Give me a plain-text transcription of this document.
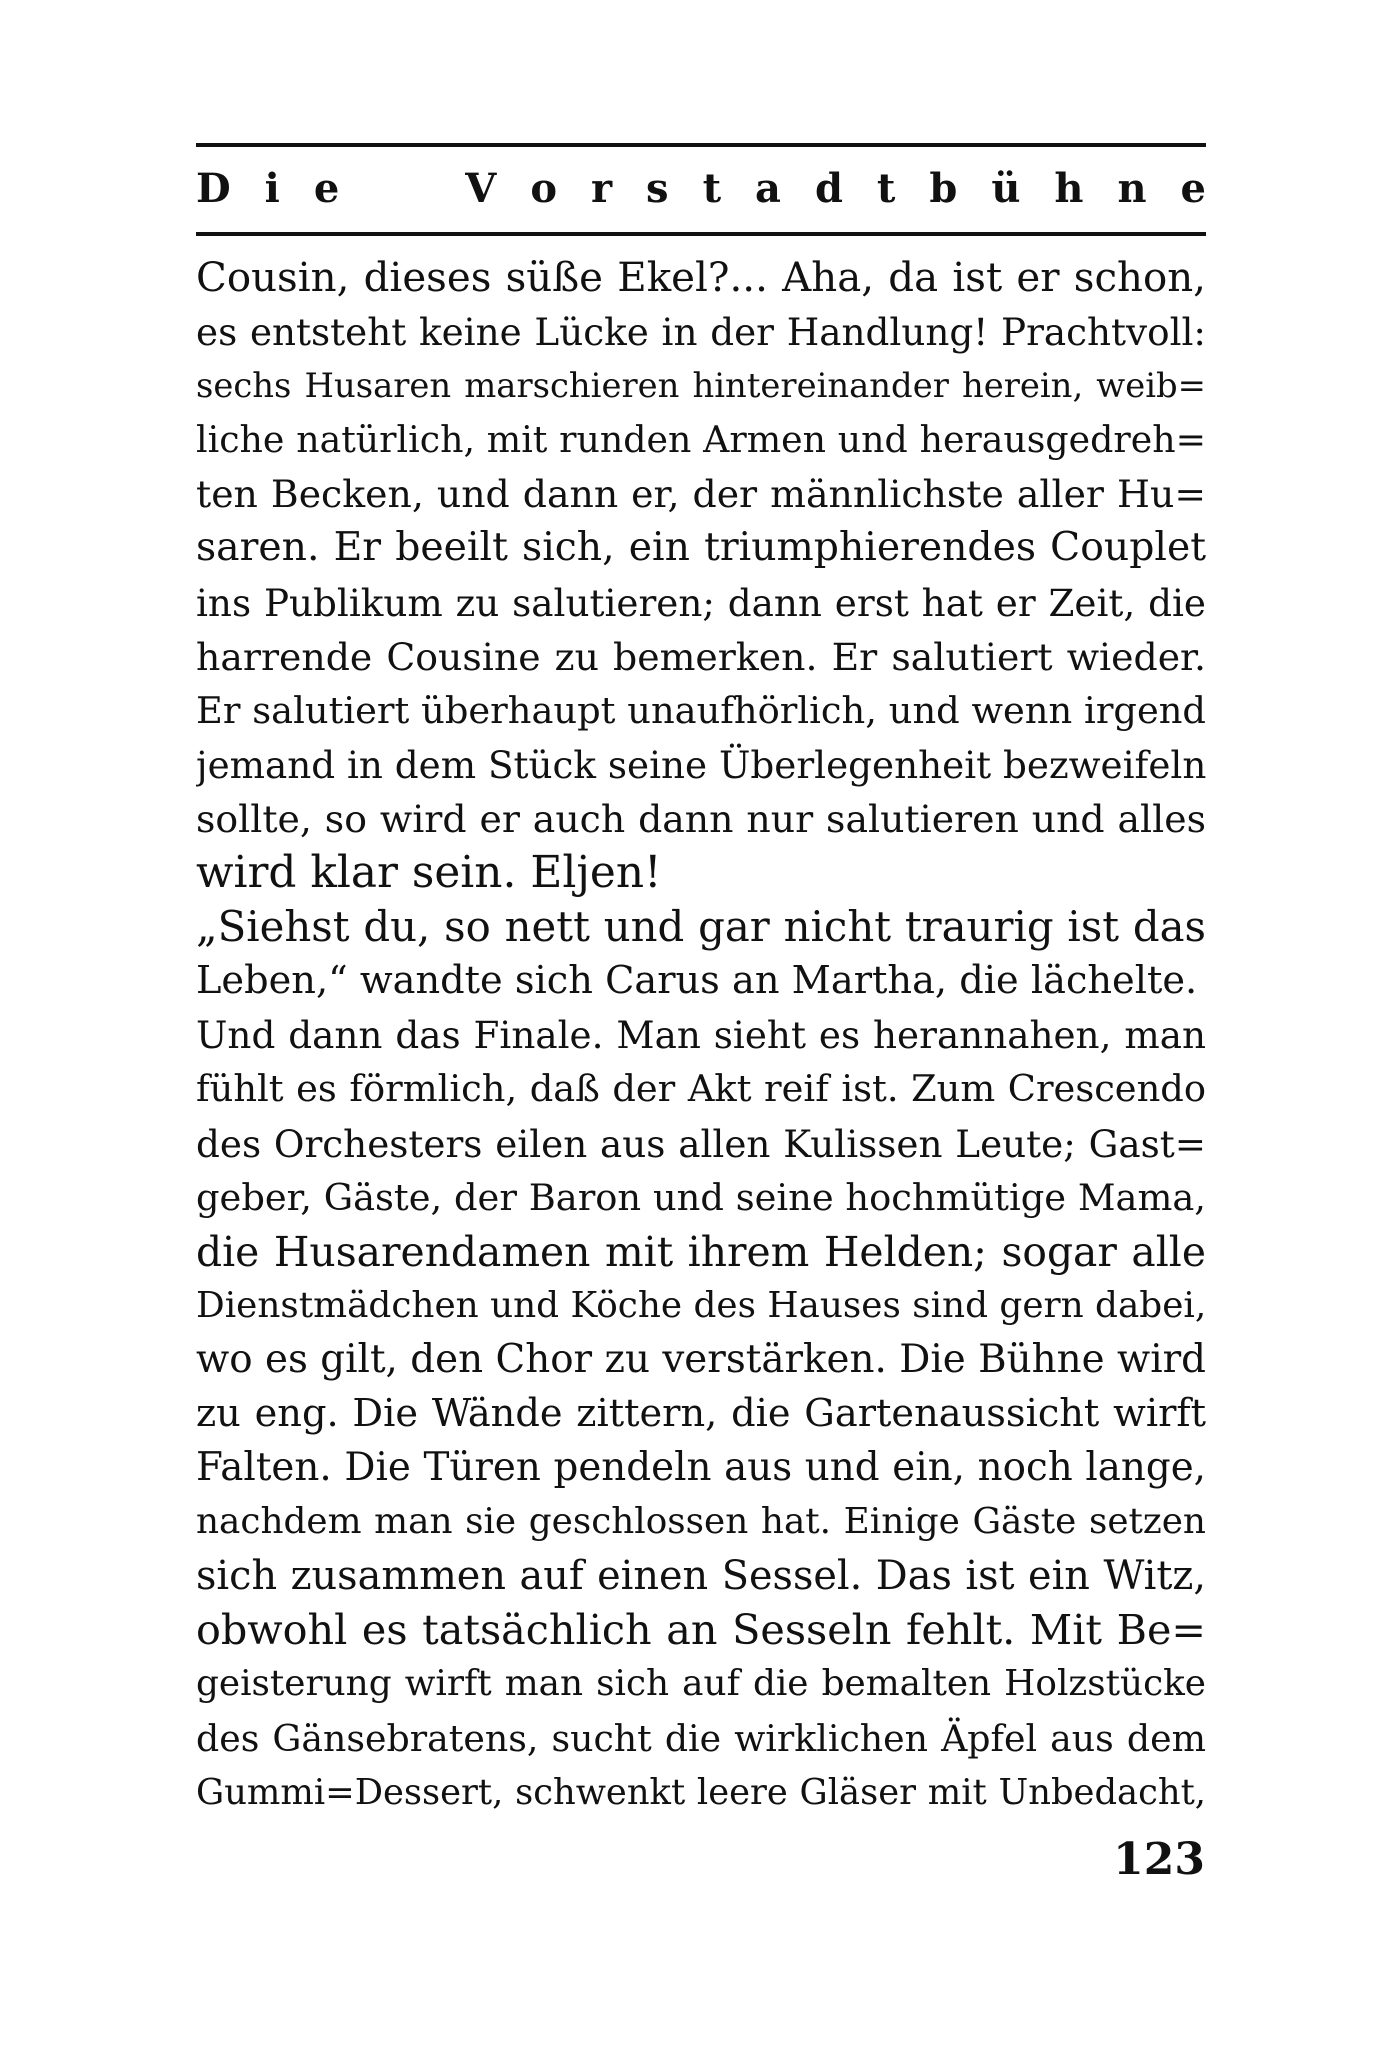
D i e	V o r s t a d t b ü h n e
Cousin, dieses süße Ekel?... Aha, da ist er schon,
es entsteht keine Lücke in der Handlung! Prachtvoll:
sechs Husaren marschieren hintereinander herein, weib=
liche natürlich, mit runden Armen und herausgedreh=
ten Becken, und dann er, der männlichste aller Hu=
saren. Er beeilt sich, ein triumphierendes Couplet
ins Publikum zu salutieren; dann erst hat er Zeit, die
harrende Cousine zu bemerken. Er salutiert wieder.
Er salutiert überhaupt unaufhörlich, und wenn irgend
jemand in dem Stück seine Überlegenheit bezweifeln
sollte, so wird er auch dann nur salutieren und alles
wird klar sein. Eljen!
„Siehst du, so nett und gar nicht traurig ist das
Leben,“ wandte sich Carus an Martha, die lächelte.
Und dann das Finale. Man sieht es herannahen, man
fühlt es förmlich, daß der Akt reif ist. Zum Crescendo
des Orchesters eilen aus allen Kulissen Leute; Gast=
geber, Gäste, der Baron und seine hochmütige Mama,
die Husarendamen mit ihrem Helden; sogar alle
Dienstmädchen und Köche des Hauses sind gern dabei,
wo es gilt, den Chor zu verstärken. Die Bühne wird
zu eng. Die Wände zittern, die Gartenaussicht wirft
Falten. Die Türen pendeln aus und ein, noch lange,
nachdem man sie geschlossen hat. Einige Gäste setzen
sich zusammen auf einen Sessel. Das ist ein Witz,
obwohl es tatsächlich an Sesseln fehlt. Mit Be=
geisterung wirft man sich auf die bemalten Holzstücke
des Gänsebratens, sucht die wirklichen Äpfel aus dem
Gummi=Dessert, schwenkt leere Gläser mit Unbedacht,
123
